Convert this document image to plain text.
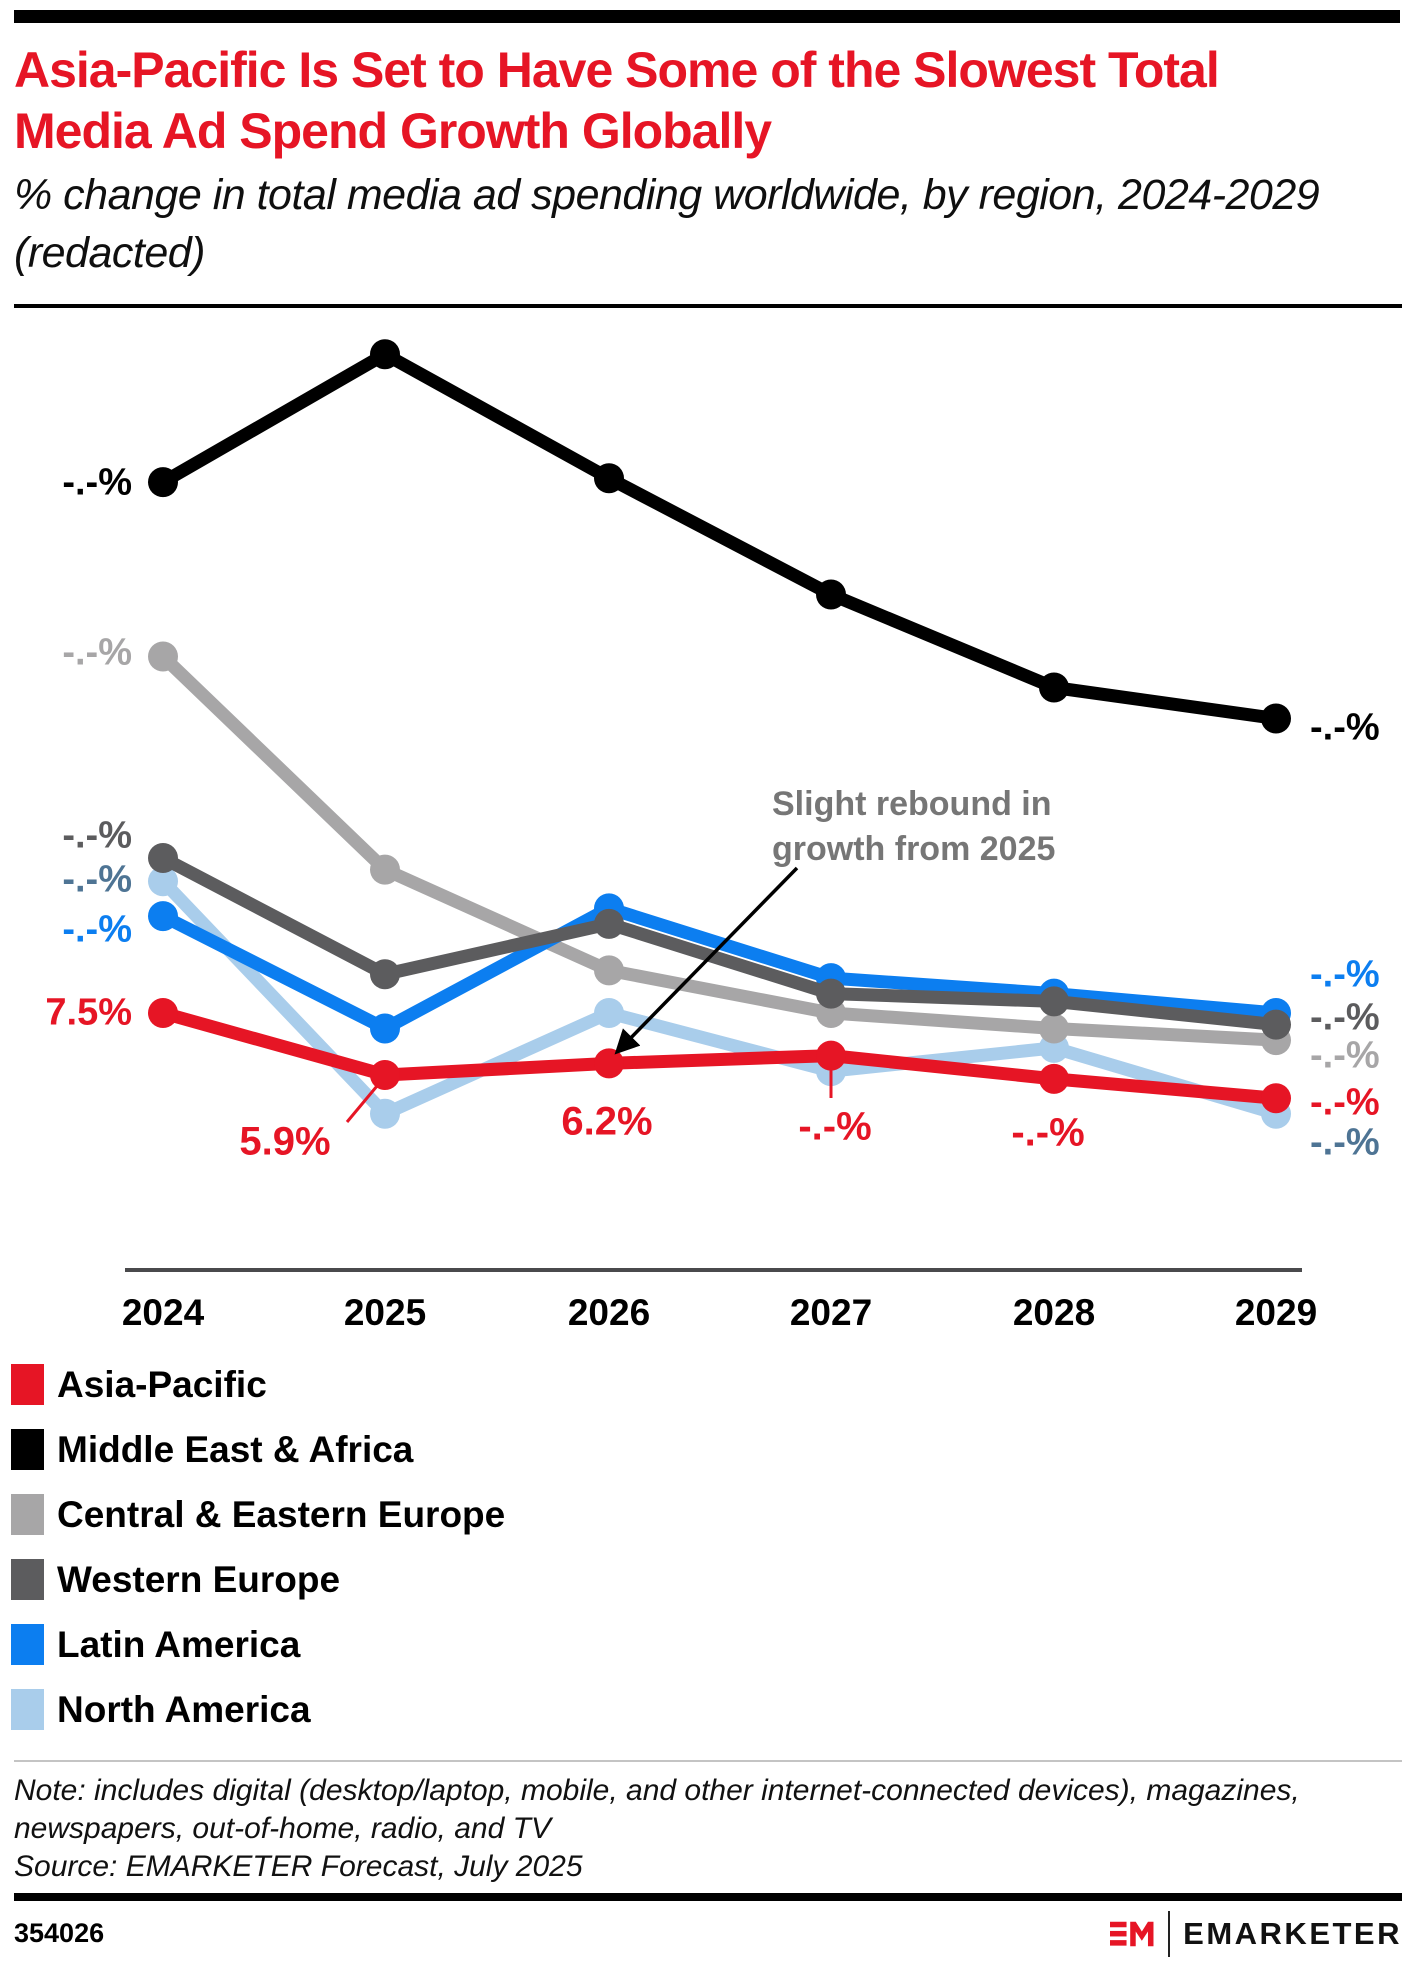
Asia-Pacific Is Set to Have Some of the Slowest Total Media Ad Spend Growth Globally
% change in total media ad spending worldwide, by region, 2024-2029 (redacted)
Slight rebound in
growth from 2025
-.-%
-.-%
-.-%
-.-%
-.-%
7.5%
-.-%
-.-%
-.-%
-.-%
-.-%
-.-%
5.9%	6.2%	-.-%	-.-%
2024	2025	2026	2027	2028	2029
Asia-Pacific
Middle East & Africa
Central & Eastern Europe
Western Europe
Latin America
North America
Note: includes digital (desktop/laptop, mobile, and other internet-connected devices), magazines, newspapers, out-of-home, radio, and TV
Source: EMARKETER Forecast, July 2025
354026	EMARKETER
